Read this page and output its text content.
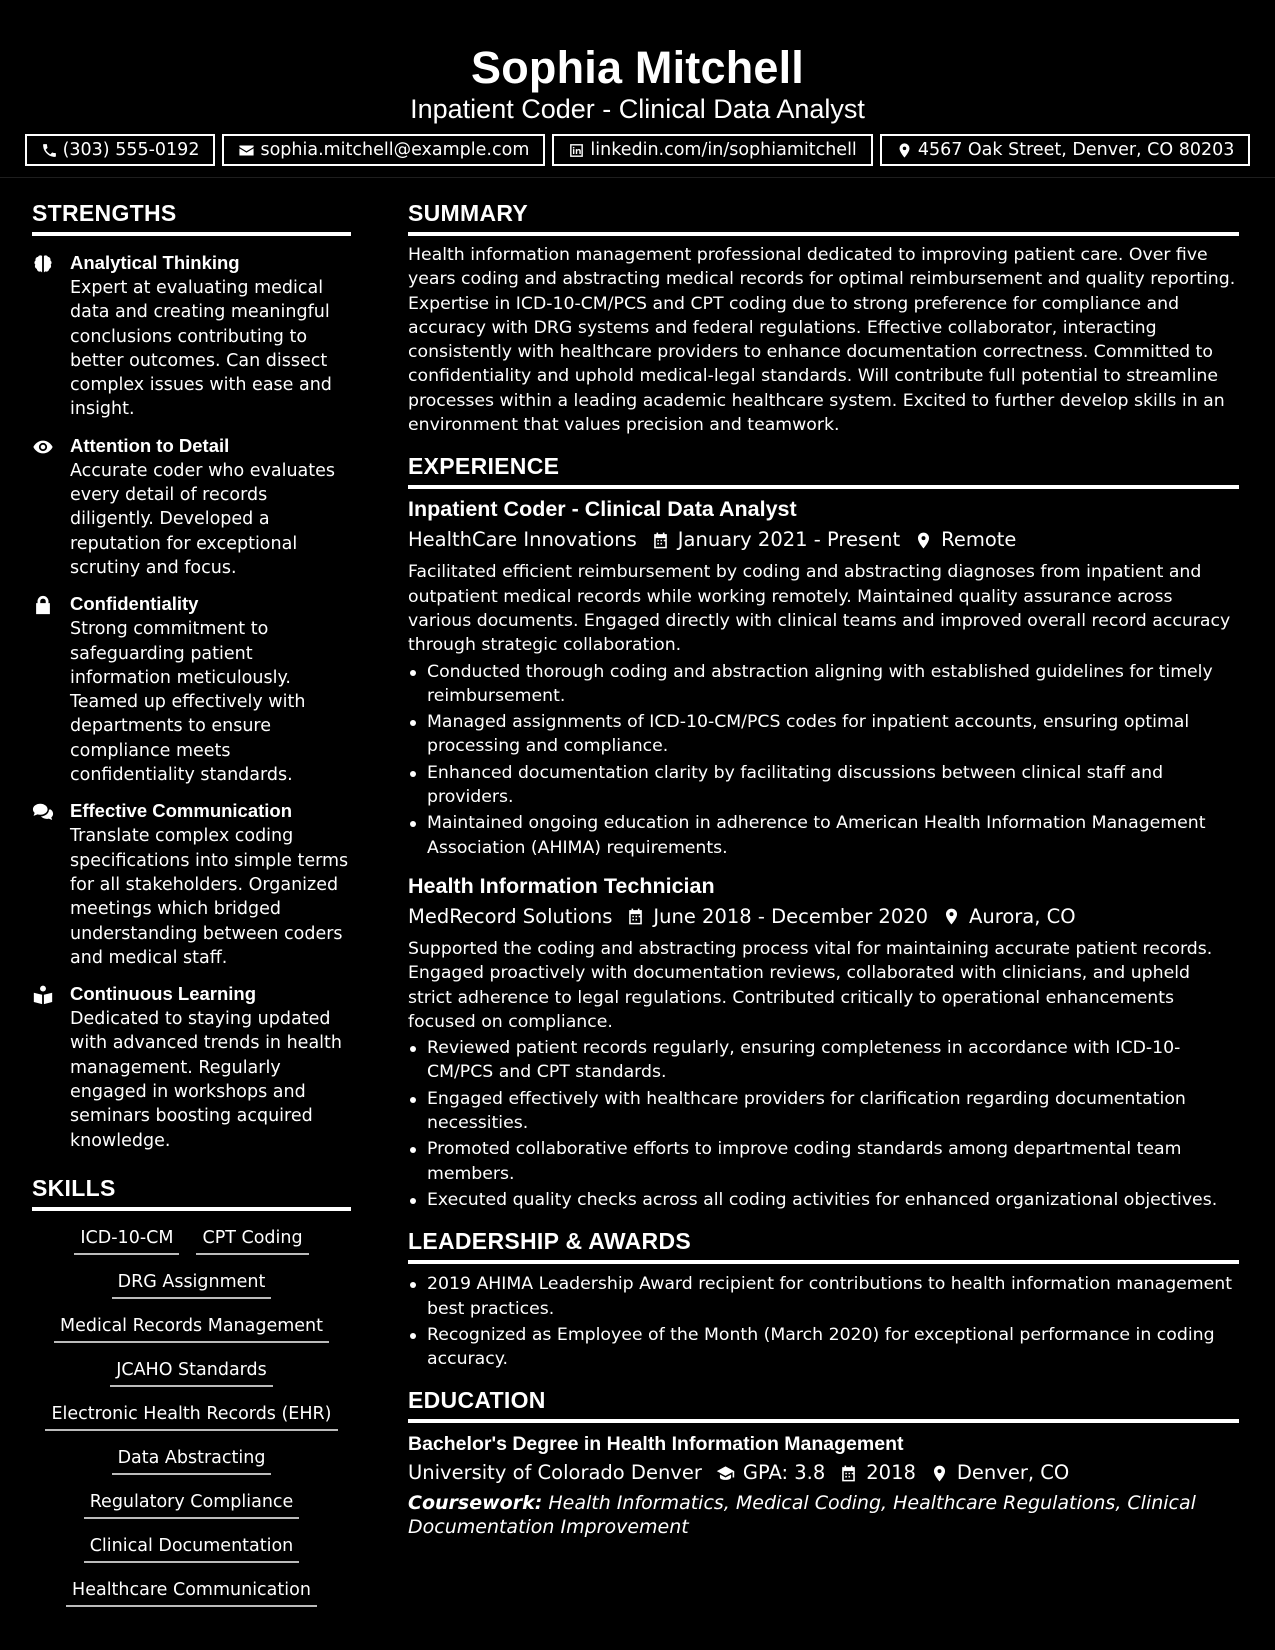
Sophia Mitchell
Inpatient Coder - Clinical Data Analyst
(303) 555-0192	sophia.mitchell@example.com	linkedin.com/in/sophiamitchell	4567 Oak Street, Denver, CO 80203
STRENGTHS
Analytical Thinking
Expert at evaluating medical data and creating meaningful conclusions contributing to better outcomes. Can dissect complex issues with ease and insight.
Attention to Detail
Accurate coder who evaluates every detail of records diligently. Developed a reputation for exceptional scrutiny and focus.
Confidentiality
Strong commitment to safeguarding patient information meticulously. Teamed up effectively with departments to ensure compliance meets confidentiality standards.
Effective Communication
Translate complex coding specifications into simple terms for all stakeholders. Organized meetings which bridged understanding between coders and medical staff.
Continuous Learning
Dedicated to staying updated with advanced trends in health management. Regularly engaged in workshops and seminars boosting acquired knowledge.
SKILLS
ICD-10-CM	CPT Coding
DRG Assignment
Medical Records Management
JCAHO Standards
Electronic Health Records (EHR)
Data Abstracting
Regulatory Compliance
Clinical Documentation
Healthcare Communication
SUMMARY
Health information management professional dedicated to improving patient care. Over five years coding and abstracting medical records for optimal reimbursement and quality reporting. Expertise in ICD-10-CM/PCS and CPT coding due to strong preference for compliance and accuracy with DRG systems and federal regulations. Effective collaborator, interacting consistently with healthcare providers to enhance documentation correctness. Committed to confidentiality and uphold medical-legal standards. Will contribute full potential to streamline processes within a leading academic healthcare system. Excited to further develop skills in an environment that values precision and teamwork.
EXPERIENCE
Inpatient Coder - Clinical Data Analyst
HealthCare Innovations January 2021 - Present Remote
Facilitated efficient reimbursement by coding and abstracting diagnoses from inpatient and outpatient medical records while working remotely. Maintained quality assurance across various documents. Engaged directly with clinical teams and improved overall record accuracy through strategic collaboration.
Conducted thorough coding and abstraction aligning with established guidelines for timely reimbursement.
Managed assignments of ICD-10-CM/PCS codes for inpatient accounts, ensuring optimal processing and compliance.
Enhanced documentation clarity by facilitating discussions between clinical staff and providers.
Maintained ongoing education in adherence to American Health Information Management Association (AHIMA) requirements.
Health Information Technician
MedRecord Solutions June 2018 - December 2020 Aurora, CO
Supported the coding and abstracting process vital for maintaining accurate patient records. Engaged proactively with documentation reviews, collaborated with clinicians, and upheld strict adherence to legal regulations. Contributed critically to operational enhancements focused on compliance.
Reviewed patient records regularly, ensuring completeness in accordance with ICD-10-CM/PCS and CPT standards.
Engaged effectively with healthcare providers for clarification regarding documentation necessities.
Promoted collaborative efforts to improve coding standards among departmental team members.
Executed quality checks across all coding activities for enhanced organizational objectives.
LEADERSHIP & AWARDS
2019 AHIMA Leadership Award recipient for contributions to health information management best practices.
Recognized as Employee of the Month (March 2020) for exceptional performance in coding accuracy.
EDUCATION
Bachelor's Degree in Health Information Management
University of Colorado Denver GPA: 3.8 2018 Denver, CO
Coursework: Health Informatics, Medical Coding, Healthcare Regulations, Clinical Documentation Improvement
